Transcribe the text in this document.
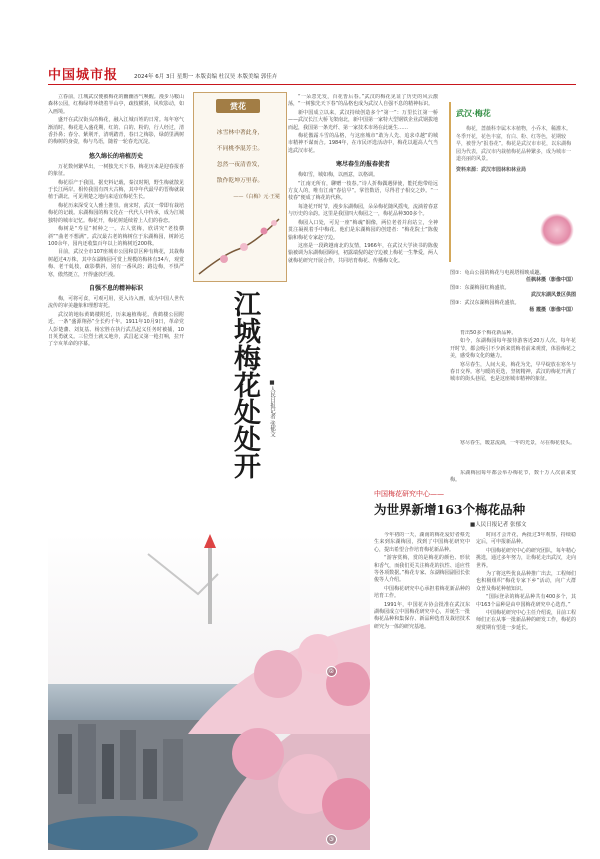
中国城市报	2024年 6月 3日 星期一 本版责编 杜汉昊 本版美编 郭佳卉

立春前，江城武汉便被梅花的幽幽香气唤醒。漫步马鞍山森林公园，红梅绿萼环绕着半山亭，疏枝横斜，风吹影动，如入画境。

盛开在武汉街头的梅花，融入江城百姓的日常。每年寒气渐消时，梅花进入盛花期，红的、白的、粉的，行人经过，清香扑鼻；春分、紫荆开，清明踏青，春日之梅影，绿荫里满树的梅树的身姿，梅与鸟语，随着一轮春光沉淀。

悠久绵长的培植历史

万花数何繁华出，一树独先天下春，梅花历来是迎春报喜的象征。

梅花原产于我国。据史料记载，秦汉时期，野生梅就散见于长江两岸。相传我国有四大古梅，其中年代最早的晋梅就栽植于湖北，可见荆楚之地向来适宜梅花生长。

梅花历来深受文人雅士推崇。南宋时，武汉一带即有栽培梅花的记载。东湖梅园的梅文化在一代代人中传承，成为江城独特的城市记忆。梅花开，梅花树延续着上人们的眷恋。

梅树是“寿星”树种之一。古人赏梅，欣讲究“老枝横斜”“曲老不想满”。武汉最古老的梅树位于东湖梅园，树龄达100余年，园内还收集百年以上的梅树近200株。

目前，武汉全市107座城市公园和景区种有梅花，其栽梅树超过4万株，其中东湖梅园可赏上规模的梅林有34片，观赏梅、老干虬枝，疏影横斜，别有一番风韵；路边梅，不惧严寒，傲然挺立，开得盛放烂漫。

自强不息的精神标识

梅，可将可食，可观可用，更入诗入画，成为中国人世代流传的审美趣象和理想寄托。

武汉的地标黄鹤楼附近，历来遍植梅花。黄鹤楼公园附近，一条“盛源翔孙”全长约千年。1911年10月9日，革命党人彭楚藩、刘复基、杨宏胜在执行武昌起义任务时被捕，10日英勇就义。三位烈士就义地旁，武昌起义第一枪打响，拉开了辛亥革命的序幕。

赏花
冰雪林中著此身，
不同桃李混芳尘。
忽然一夜清香发，
散作乾坤万里春。
——《白梅》元·王冕
江城梅花处处开 ■人民日报记者 张郁文

“一朵忽先发，百花皆后春。”武汉的梅花见证了历史的风云激荡，“一树独先天下春”的品格也成为武汉人自强不息的精神标识。

新中国成立以来，武汉持续创造多个“第一”：万里长江第一桥——武汉长江大桥飞架南北，新中国第一家特大型钢铁企业武钢拔地而起，我国第一条光纤、第一家技术市场在此诞生……

梅花傲霜斗雪的品格，与这座城市“敢为人先、追求卓越”的城市精神不谋而合。1984年，在市民评选活动中，梅花以超高人气当选武汉市花。

寒尽春生的报春使者

梅如雪，城如梅，以画意，以格调。

“江南无所有，聊赠一枝春。”诗人折梅偶遇驿使，能托他带给远方友人的，唯有江南“春信早”。掌管数语，尽得君子相交之妙。“一枝春”便成了梅花的代称。

每逢花开时节，漫步东湖梅园，朵朵梅花随风摇曳，流淌着春意与历史的余韵。这里是我国四大梅园之一，梅花品种300多个。

梅园入口处，可见一座“梅魂”铜像，两位老者并肩站立，全神贯注凝视着手中梅花。他们是东湖梅园的创建者：“梅花院士”陈俊愉和梅花专家赵守边。

这座是一段跨越南北的友情，1966年，在武汉大学读书的陈俊愉被调为东湖梅园顾问，初露端倪的赵守边被上梅花一生挚爱，两人就梅花研究开展合作，共同培育梅花、传播梅文化。

武汉·梅花
梅花，蔷薇科李属木本植物，小乔木，稀灌木。冬季开花，花色丰富，有白、粉、红等色，花期较早，被誉为“报春花”。梅花是武汉市市花，以东湖梅园为代表，武汉市内栽植梅花品种繁多，成为城市一道亮丽的风景。
资料来源：武汉市园林和林业局
图①：龟山公园的梅花与电视塔相映成趣。
任枫林摄（影像中国）
图②：东湖梅园红梅盛放。
武汉东湖风景区供图
图③：武汉东湖梅园梅花盛放。
杨 霞摄（影像中国）

育出50多个梅花新品种。

如今，东湖梅园每年接待游客近20万人次。每年花开时节，都会吸引不少新来赏梅者前来观赏，体验梅花之美，感受梅文化的魅力。

寒尽春生，人间大美。梅花为先，早早绽放在寒冬与春日交界。寒与暖的更迭，坚韧精神，武汉的梅花开满了城市的街头巷尾，也是这座城市精神的象征。

寒尽春生，暖意流淌，一年的光景，尽在梅花枝头。

中国梅花研究中心——
为世界新增163个梅花品种
■人民日报记者 张郁文
③
②

今年初的一天，湖南的梅花爱好者蔡先生来到东湖梅园，找到了中国梅花研究中心，提出希望合作培育梅花新品种。

“游客赏梅，赏的是梅花的颜色、形状和香气，而我们更关注梅花的抗性、适应性等各项数据。”梅花专家、东湖梅园副园长张俊等人介绍。

中国梅花研究中心承担着梅花新品种的培育工作。

1991年，中国花卉协会批准在武汉东湖梅园成立中国梅花研究中心，并诞生一批梅花品种和集保存、新品种选育及栽培技术研究为一体的研究基地。

时间才会开花，两批过3年观察，持续稳定后，可申报新品种。

中国梅花研究中心的研究团队，每年精心挑选，通过多年努力，让梅花走出武汉，走向世界。

为了将这些优良品种推广出去，工程师们也积极组织“梅花专家下乡”活动，向广大群众普及梅花种植知识。

“国际登录的梅花品种共有400多个，其中163个品种是由中国梅花研究中心选育。”

中国梅花研究中心主任介绍说，目前工程师们正在从事一批新品种的研发工作，梅花的观赏期有望进一步延长。

东湖梅园每年都会举办梅花节，数十万人次前来赏梅。
